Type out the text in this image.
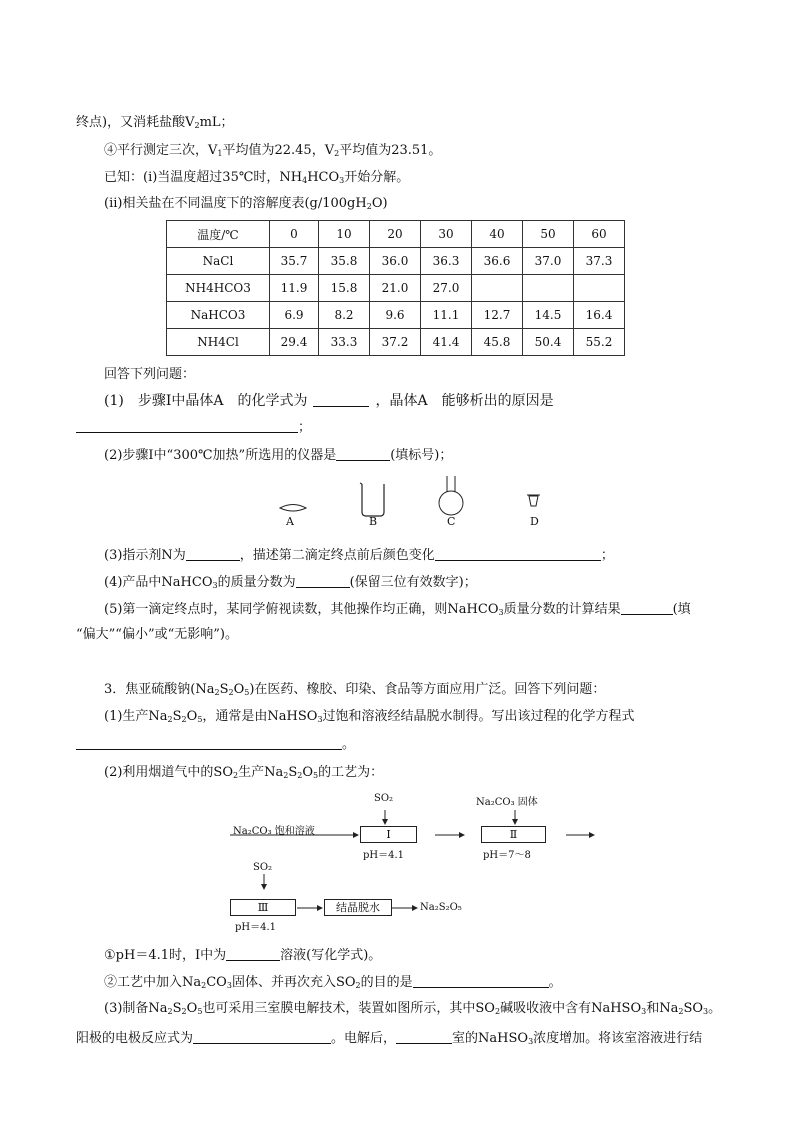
终点)，又消耗盐酸$V_2mL$；
④平行测定三次，$V_1$平均值为22.45，$V_2$平均值为23.51。
已知：(ⅰ)当温度超过35℃时，$NH_4HCO_3$开始分解。
(ⅱ)相关盐在不同温度下的溶解度表$(g/100gH_2O)$
温度/℃	0	10	20	30	40	50	60
NaCl	35.7	35.8	36.0	36.3	36.6	37.0	37.3
NH4HCO3	11.9	15.8	21.0	27.0			
NaHCO3	6.9	8.2	9.6	11.1	12.7	14.5	16.4
NH4Cl	29.4	33.3	37.2	41.4	45.8	50.4	55.2
回答下列问题：
(1)　步骤Ⅰ中晶体A　的化学式为	，晶体A　能够析出的原因是
；
(2)步骤Ⅰ中“300℃加热”所选用的仪器是	(填标号)；
A	B	C	D
(3)指示剂N为	，描述第二滴定终点前后颜色变化	；
(4)产品中NaHCO$_3$的质量分数为	(保留三位有效数字)；
(5)第一滴定终点时，某同学俯视读数，其他操作均正确，则NaHCO$_3$质量分数的计算结果	(填
“偏大”“偏小”或“无影响”)。
3．焦亚硫酸钠$(Na_2S_2O_5)$在医药、橡胶、印染、食品等方面应用广泛。回答下列问题：
(1)生产$Na_2S_2O_5$，通常是由NaHSO$_3$过饱和溶液经结晶脱水制得。写出该过程的化学方程式
。
(2)利用烟道气中的$SO_2$生产$Na_2S_2O_5$的工艺为：
Na₂CO₃ 饱和溶液
SO₂
Ⅰ
pH＝4.1
Na₂CO₃ 固体
Ⅱ
pH＝7～8
SO₂
Ⅲ
pH＝4.1
结晶脱水	Na₂S₂O₅
①pH＝4.1时，Ⅰ中为	溶液(写化学式)。
②工艺中加入$Na_2CO_3$固体、并再次充入$SO_2$的目的是	。
(3)制备$Na_2S_2O_5$也可采用三室膜电解技术，装置如图所示，其中$SO_2$碱吸收液中含有NaHSO$_3$和$Na_2SO_3$。
阳极的电极反应式为	。电解后，	室的NaHSO$_3$浓度增加。将该室溶液进行结
